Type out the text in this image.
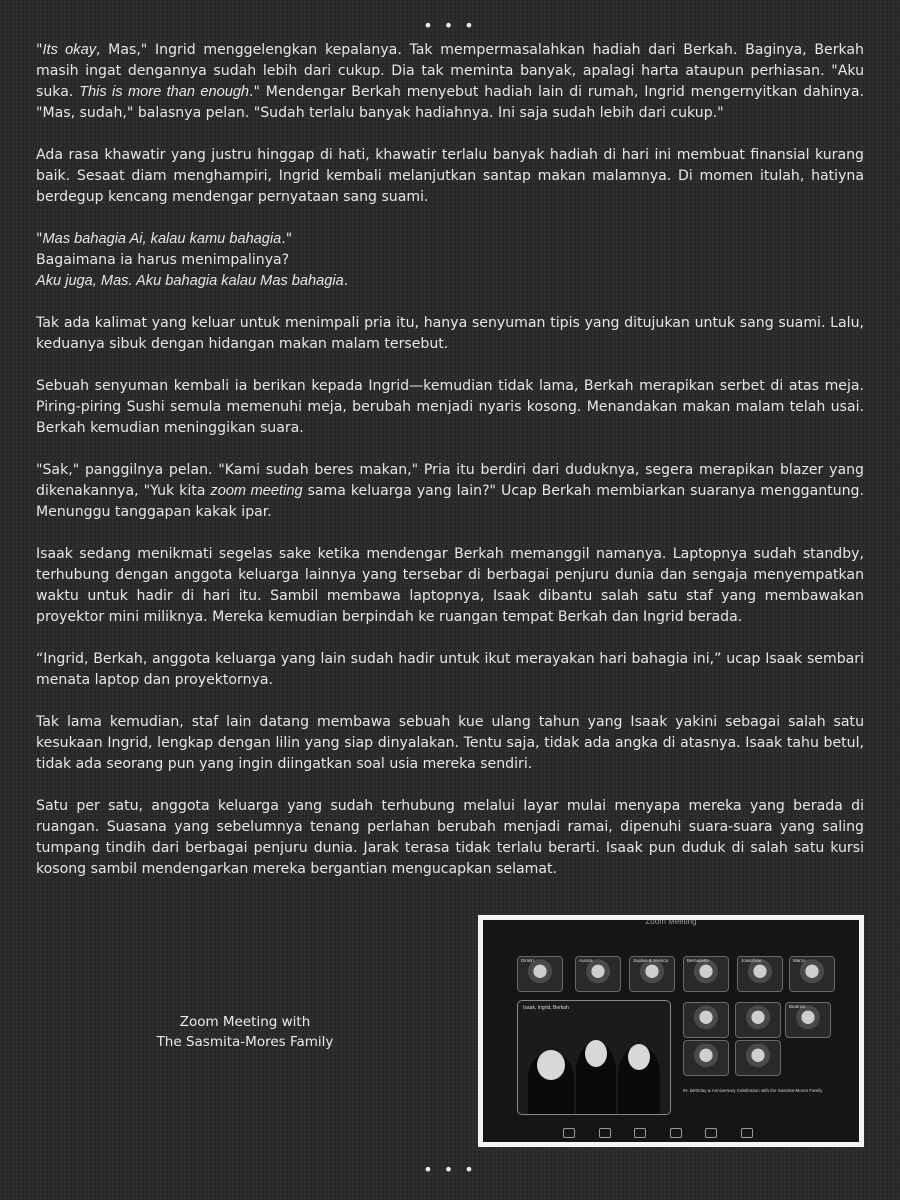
• • •

"Its okay, Mas," Ingrid menggelengkan kepalanya. Tak mempermasalahkan hadiah dari Berkah. Baginya, Berkah masih ingat dengannya sudah lebih dari cukup. Dia tak meminta banyak, apalagi harta ataupun perhiasan. "Aku suka. This is more than enough." Mendengar Berkah menyebut hadiah lain di rumah, Ingrid mengernyitkan dahinya. "Mas, sudah," balasnya pelan. "Sudah terlalu banyak hadiahnya. Ini saja sudah lebih dari cukup."

Ada rasa khawatir yang justru hinggap di hati, khawatir terlalu banyak hadiah di hari ini membuat finansial kurang baik. Sesaat diam menghampiri, Ingrid kembali melanjutkan santap makan malamnya. Di momen itulah, hatiyna berdegup kencang mendengar pernyataan sang suami.

"Mas bahagia Ai, kalau kamu bahagia."

Bagaimana ia harus menimpalinya?

Aku juga, Mas. Aku bahagia kalau Mas bahagia.

Tak ada kalimat yang keluar untuk menimpali pria itu, hanya senyuman tipis yang ditujukan untuk sang suami. Lalu, keduanya sibuk dengan hidangan makan malam tersebut.

Sebuah senyuman kembali ia berikan kepada Ingrid—kemudian tidak lama, Berkah merapikan serbet di atas meja. Piring-piring Sushi semula memenuhi meja, berubah menjadi nyaris kosong. Menandakan makan malam telah usai. Berkah kemudian meninggikan suara.

"Sak," panggilnya pelan. "Kami sudah beres makan," Pria itu berdiri dari duduknya, segera merapikan blazer yang dikenakannya, "Yuk kita zoom meeting sama keluarga yang lain?" Ucap Berkah membiarkan suaranya menggantung. Menunggu tanggapan kakak ipar.

Isaak sedang menikmati segelas sake ketika mendengar Berkah memanggil namanya. Laptopnya sudah standby, terhubung dengan anggota keluarga lainnya yang tersebar di berbagai penjuru dunia dan sengaja menyempatkan waktu untuk hadir di hari itu. Sambil membawa laptopnya, Isaak dibantu salah satu staf yang membawakan proyektor mini miliknya. Mereka kemudian berpindah ke ruangan tempat Berkah dan Ingrid berada.

“Ingrid, Berkah, anggota keluarga yang lain sudah hadir untuk ikut merayakan hari bahagia ini,” ucap Isaak sembari menata laptop dan proyektornya.

Tak lama kemudian, staf lain datang membawa sebuah kue ulang tahun yang Isaak yakini sebagai salah satu kesukaan Ingrid, lengkap dengan lilin yang siap dinyalakan. Tentu saja, tidak ada angka di atasnya. Isaak tahu betul, tidak ada seorang pun yang ingin diingatkan soal usia mereka sendiri.

Satu per satu, anggota keluarga yang sudah terhubung melalui layar mulai menyapa mereka yang berada di ruangan. Suasana yang sebelumnya tenang perlahan berubah menjadi ramai, dipenuhi suara-suara yang saling tumpang tindih dari berbagai penjuru dunia. Jarak terasa tidak terlalu berarti. Isaak pun duduk di salah satu kursi kosong sambil mendengarkan mereka bergantian mengucapkan selamat.

Zoom Meeting with
The Sasmita-Mores Family
Zoom Meeting
Dimitri	Aurora	Jayden & Jessica	Bernadette	Josephine	Marco
Isaak, Ingrid, Berkah	Beatrice
IN. Birthday & Anniversary Celebration with the Sasmita-Mores Family
• • •
